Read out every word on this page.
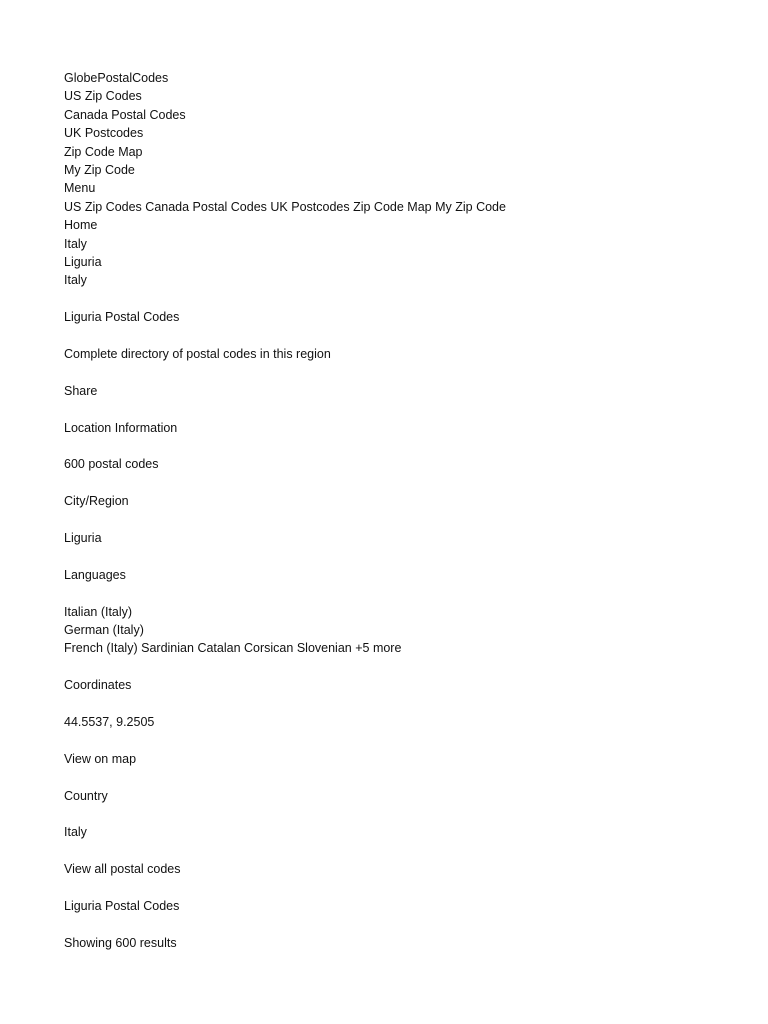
GlobePostalCodes
US Zip Codes
Canada Postal Codes
UK Postcodes
Zip Code Map
My Zip Code
Menu
US Zip Codes Canada Postal Codes UK Postcodes Zip Code Map My Zip Code
Home
Italy
Liguria
Italy
Liguria Postal Codes

Complete directory of postal codes in this region

Share
Location Information

600 postal codes

City/Region

Liguria

Languages

Italian (Italy)
German (Italy)
French (Italy) Sardinian Catalan Corsican Slovenian +5 more

Coordinates

44.5537, 9.2505

View on map

Country

Italy

View all postal codes
Liguria Postal Codes

Showing 600 results
